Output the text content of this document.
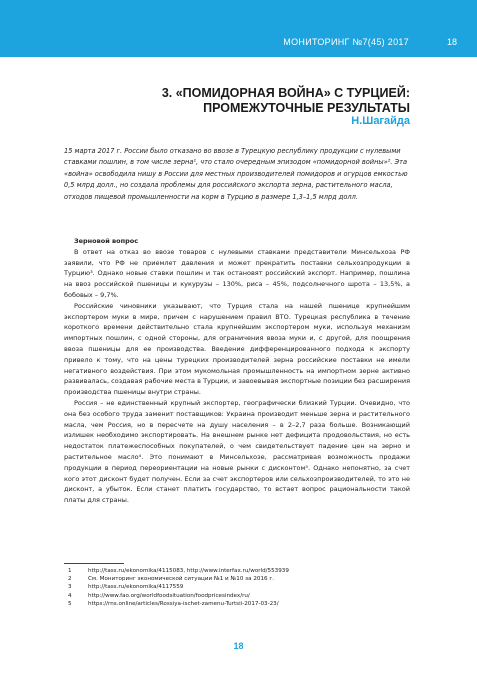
МОНИТОРИНГ №7(45) 2017	18
3. «ПОМИДОРНАЯ ВОЙНА» С ТУРЦИЕЙ:
ПРОМЕЖУТОЧНЫЕ РЕЗУЛЬТАТЫ
Н.Шагайда
15 марта 2017 г. России было отказано во ввозе в Турецкую республику продукции с нулевыми ставками пошлин, в том числе зерна¹, что стало очередным эпизодом «помидорной войны»². Эта «война» освободила нишу в России для местных производителей помидоров и огурцов емкостью 0,5 млрд долл., но создала проблемы для российского экспорта зерна, растительного масла, отходов пищевой промышленности на корм в Турцию в размере 1,3–1,5 млрд долл.
Зерновой вопрос

В ответ на отказ во ввозе товаров с нулевыми ставками представители Минсельхоза РФ заявили, что РФ не приемлет давления и может прекратить поставки сельхозпродукции в Турцию³. Однако новые ставки пошлин и так остановят российский экспорт. Например, пошлина на ввоз российской пшеницы и кукурузы – 130%, риса – 45%, подсолнечного шрота – 13,5%, а бобовых – 9,7%.

Российские чиновники указывают, что Турция стала на нашей пшенице крупнейшим экспортером муки в мире, причем с нарушением правил ВТО. Турецкая республика в течение короткого времени действительно стала крупнейшим экспортером муки, используя механизм импортных пошлин, с одной стороны, для ограничения ввоза муки и, с другой, для поощрения ввоза пшеницы для ее производства. Введение дифференцированного подхода к экспорту привело к тому, что на цены турецких производителей зерна российские поставки не имели негативного воздействия. При этом мукомольная промышленность на импортном зерне активно развивалась, создавая рабочие места в Турции, и завоевывая экспортные позиции без расширения производства пшеницы внутри страны.

Россия – не единственный крупный экспортер, географически близкий Турции. Очевидно, что она без особого труда заменит поставщиков: Украина производит меньше зерна и растительного масла, чем Россия, но в пересчете на душу населения – в 2–2,7 раза больше. Возникающий излишек необходимо экспортировать. На внешнем рынке нет дефицита продовольствия, но есть недостаток платежеспособных покупателей, о чем свидетельствует падение цен на зерно и растительное масло⁴. Это понимают в Минсельхозе, рассматривая возможность продажи продукции в период переориентации на новые рынки с дисконтом⁵. Однако непонятно, за счет кого этот дисконт будет получен. Если за счет экспортеров или сельхозпроизводителей, то это не дисконт, а убыток. Если станет платить государство, то встает вопрос рациональности такой платы для страны.

1	http://tass.ru/ekonomika/4115083, http://www.interfax.ru/world/553939
2	См. Мониторинг экономической ситуации №1 и №10 за 2016 г.
3	http://tass.ru/ekonomika/4117559
4	http://www.fao.org/worldfoodsituation/foodpricesindex/ru/
5	https://rns.online/articles/Rossiya-ischet-zamenu-Turtsii-2017-03-23/
18
